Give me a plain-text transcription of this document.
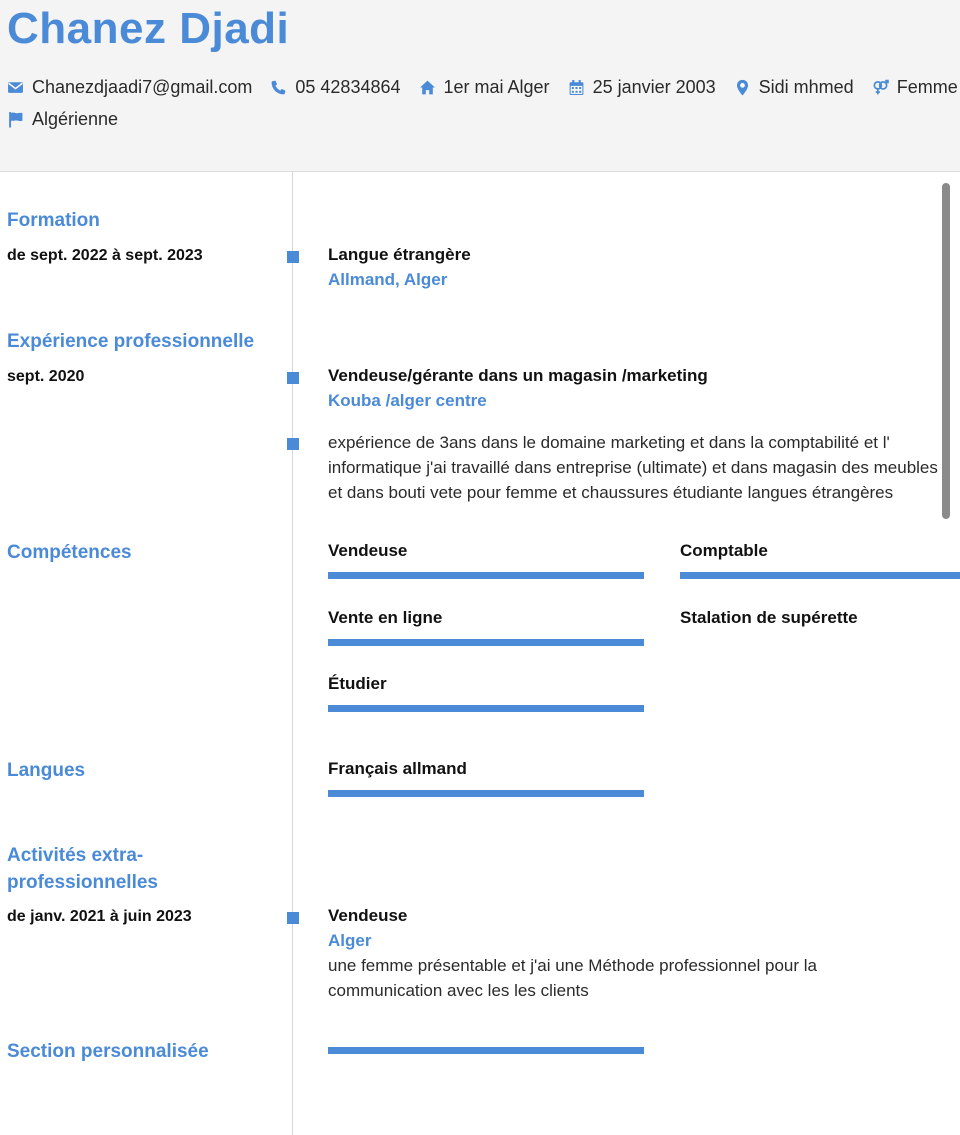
Chanez Djadi
Chanezdjaadi7@gmail.com 05 42834864 1er mai Alger 25 janvier 2003 Sidi mhmed Femme
Algérienne
Formation
de sept. 2022 à sept. 2023	Langue étrangère
Allmand, Alger
Expérience professionnelle
sept. 2020	Vendeuse/gérante dans un magasin /marketing
Kouba /alger centre
expérience de 3ans dans le domaine marketing et dans la comptabilité et l'
informatique j'ai travaillé dans entreprise (ultimate) et dans magasin des meubles
et dans bouti vete pour femme et chaussures étudiante langues étrangères
Compétences	Vendeuse	Comptable
Vente en ligne	Stalation de supérette
Étudier
Langues	Français allmand
Activités extra-
professionnelles
de janv. 2021 à juin 2023	Vendeuse
Alger
une femme présentable et j'ai une Méthode professionnel pour la
communication avec les les clients
Section personnalisée
